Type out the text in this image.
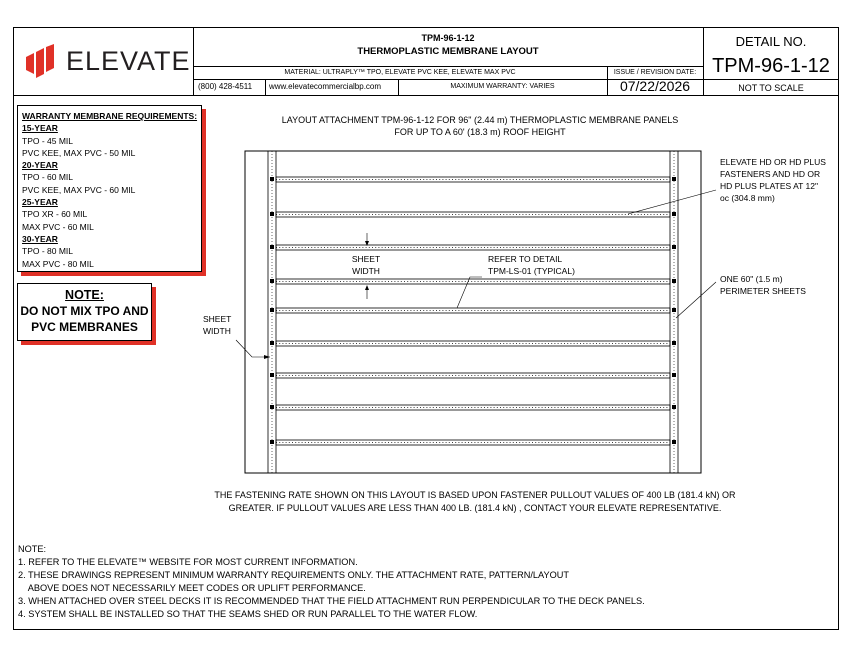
ELEVATE
TPM-96-1-12
THERMOPLASTIC MEMBRANE LAYOUT
MATERIAL: ULTRAPLY™ TPO, ELEVATE PVC KEE, ELEVATE MAX PVC
(800) 428-4511 www.elevatecommercialbp.com	MAXIMUM WARRANTY: VARIES
ISSUE / REVISION DATE:
07/22/2026
DETAIL NO.
TPM-96-1-12
NOT TO SCALE
WARRANTY MEMBRANE REQUIREMENTS:
15-YEAR
TPO - 45 MIL
PVC KEE, MAX PVC - 50 MIL
20-YEAR
TPO - 60 MIL
PVC KEE, MAX PVC - 60 MIL
25-YEAR
TPO XR - 60 MIL
MAX PVC - 60 MIL
30-YEAR
TPO - 80 MIL
MAX PVC - 80 MIL
NOTE:
DO NOT MIX TPO AND
PVC MEMBRANES
LAYOUT ATTACHMENT TPM-96-1-12 FOR 96" (2.44 m) THERMOPLASTIC MEMBRANE PANELS
FOR UP TO A 60' (18.3 m) ROOF HEIGHT
ELEVATE HD OR HD PLUS
FASTENERS AND HD OR
HD PLUS PLATES AT 12"
oc (304.8 mm)
ONE 60" (1.5 m)
PERIMETER SHEETS
SHEET
WIDTH
REFER TO DETAIL
TPM-LS-01 (TYPICAL)
SHEET
WIDTH
THE FASTENING RATE SHOWN ON THIS LAYOUT IS BASED UPON FASTENER PULLOUT VALUES OF 400 LB (181.4 kN) OR
GREATER. IF PULLOUT VALUES ARE LESS THAN 400 LB. (181.4 kN) , CONTACT YOUR ELEVATE REPRESENTATIVE.
NOTE:
1. REFER TO THE ELEVATE™ WEBSITE FOR MOST CURRENT INFORMATION.
2. THESE DRAWINGS REPRESENT MINIMUM WARRANTY REQUIREMENTS ONLY. THE ATTACHMENT RATE, PATTERN/LAYOUT
ABOVE DOES NOT NECESSARILY MEET CODES OR UPLIFT PERFORMANCE.
3. WHEN ATTACHED OVER STEEL DECKS IT IS RECOMMENDED THAT THE FIELD ATTACHMENT RUN PERPENDICULAR TO THE DECK PANELS.
4. SYSTEM SHALL BE INSTALLED SO THAT THE SEAMS SHED OR RUN PARALLEL TO THE WATER FLOW.
